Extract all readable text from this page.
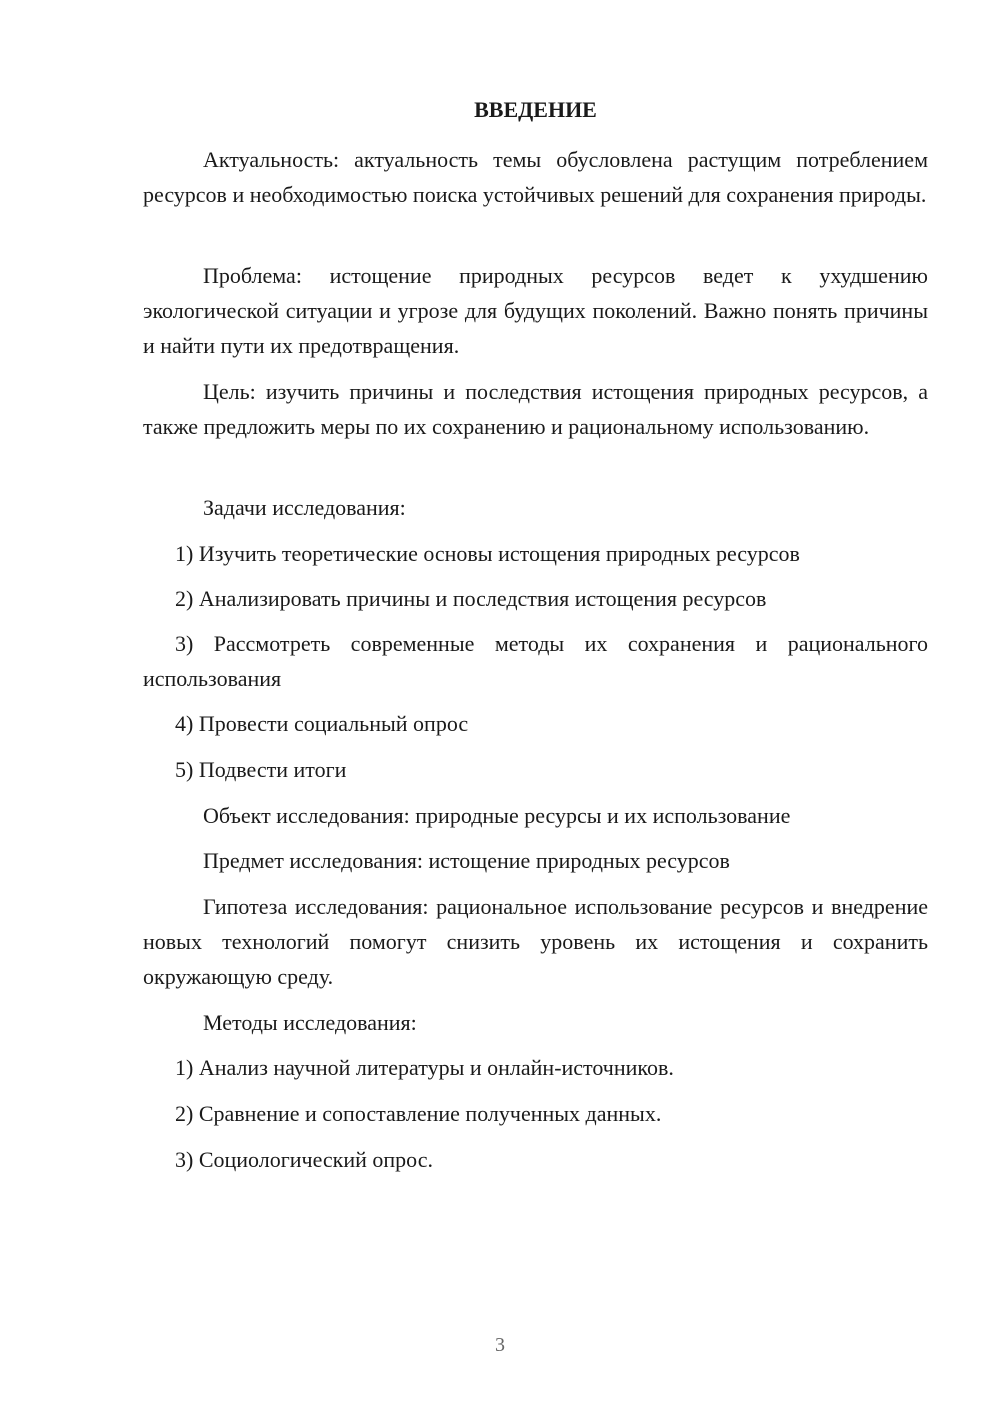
ВВЕДЕНИЕ

Актуальность: актуальность темы обусловлена растущим потреблением ресурсов и необходимостью поиска устойчивых решений для сохранения природы.

Проблема: истощение природных ресурсов ведет к ухудшению экологической ситуации и угрозе для будущих поколений. Важно понять причины и найти пути их предотвращения.

Цель: изучить причины и последствия истощения природных ресурсов, а также предложить меры по их сохранению и рациональному использованию.

Задачи исследования:

1) Изучить теоретические основы истощения природных ресурсов

2) Анализировать причины и последствия истощения ресурсов

3) Рассмотреть современные методы их сохранения и рационального использования

4) Провести социальный опрос

5) Подвести итоги

Объект исследования: природные ресурсы и их использование

Предмет исследования: истощение природных ресурсов

Гипотеза исследования: рациональное использование ресурсов и внедрение новых технологий помогут снизить уровень их истощения и сохранить окружающую среду.

Методы исследования:

1) Анализ научной литературы и онлайн-источников.

2) Сравнение и сопоставление полученных данных.

3) Социологический опрос.

3
